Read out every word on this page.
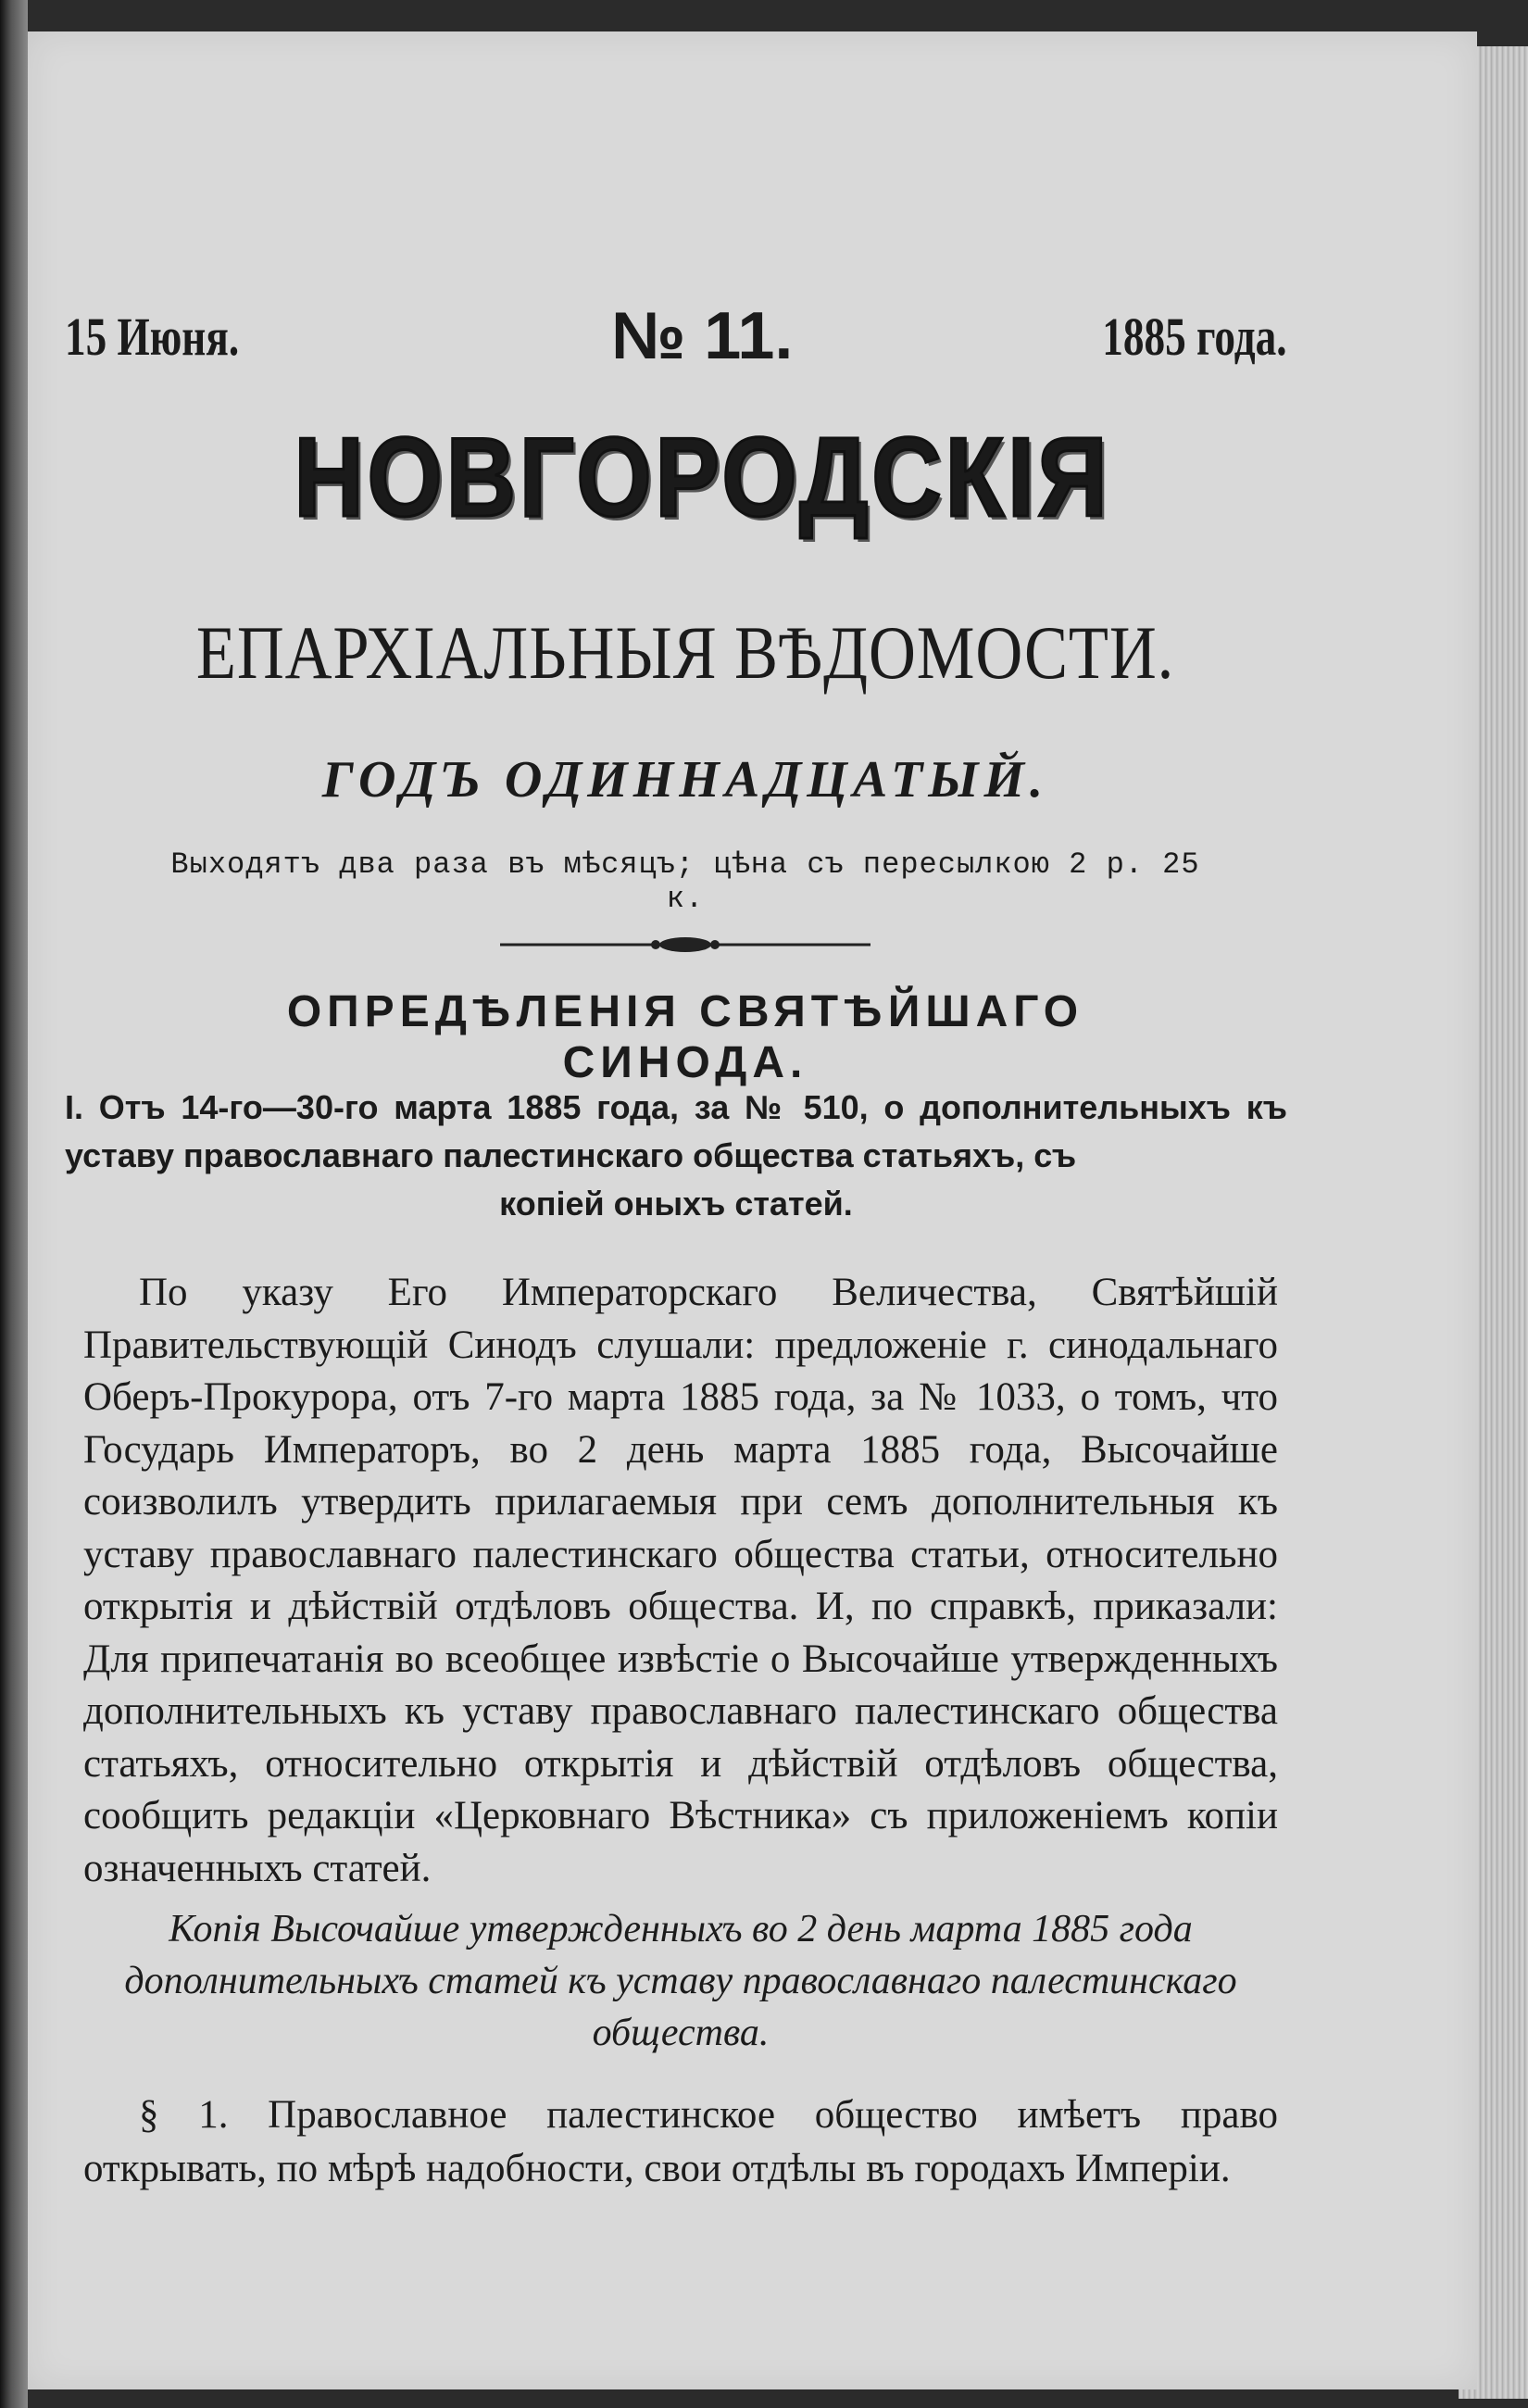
15 Июня.	№ 11.	1885 года.
НОВГОРОДСКІЯ
ЕПАРХІАЛЬНЫЯ ВѢДОМОСТИ.
ГОДЪ ОДИННАДЦАТЫЙ.
Выходятъ два раза въ мѣсяцъ; цѣна съ пересылкою 2 р. 25 к.
ОПРЕДѢЛЕНІЯ СВЯТѢЙШАГО СИНОДА.
I. Отъ 14-го—30-го марта 1885 года, за № 510, о дополнительныхъ къ уставу православнаго палестинскаго общества статьяхъ, съ
копіей оныхъ статей.

По указу Его Императорскаго Величества, Святѣйшій Правительствующій Синодъ слушали: предложеніе г. синодальнаго Оберъ-Прокурора, отъ 7-го марта 1885 года, за № 1033, о томъ, что Государь Императоръ, во 2 день марта 1885 года, Высочайше соизволилъ утвердить прилагаемыя при семъ дополнительныя къ уставу православнаго палестинскаго общества статьи, относительно открытія и дѣйствій отдѣловъ общества. И, по справкѣ, приказали: Для припечатанія во всеобщее извѣстіе о Высочайше утвержденныхъ дополнительныхъ къ уставу православнаго палестинскаго общества статьяхъ, относительно открытія и дѣйствій отдѣловъ общества, сообщить редакціи «Церковнаго Вѣстника» съ приложеніемъ копіи означенныхъ статей.

Копія Высочайше утвержденныхъ во 2 день марта 1885 года дополнительныхъ статей къ уставу православнаго палестинскаго общества.

§ 1. Православное палестинское общество имѣетъ право открывать, по мѣрѣ надобности, свои отдѣлы въ городахъ Имперіи.
